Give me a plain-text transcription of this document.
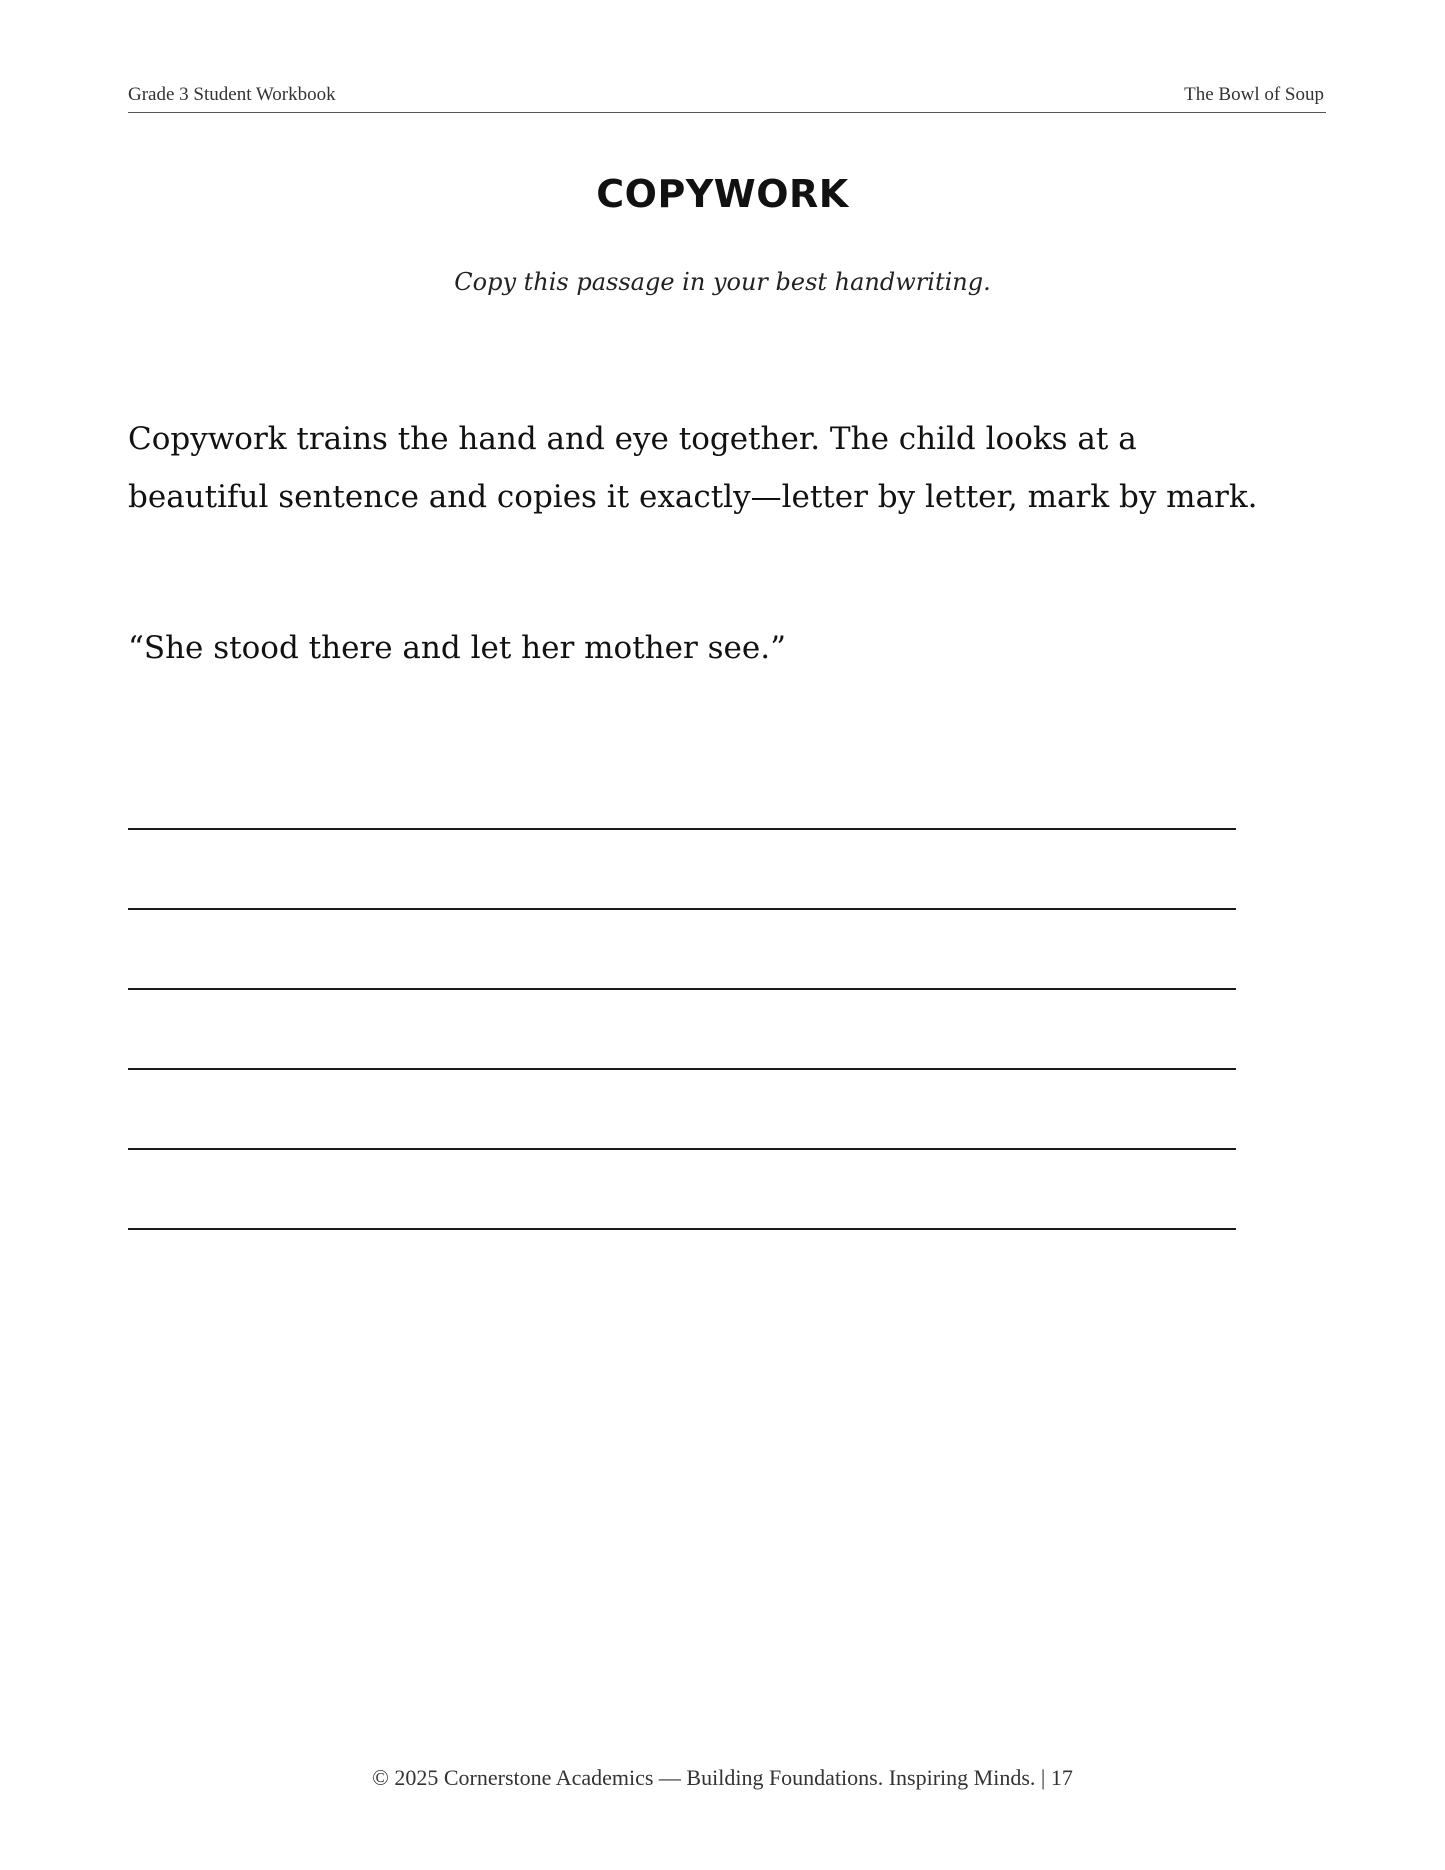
Grade 3 Student Workbook	The Bowl of Soup
COPYWORK
Copy this passage in your best handwriting.
Copywork trains the hand and eye together. The child looks at a beautiful sentence and copies it exactly—letter by letter, mark by mark.
“She stood there and let her mother see.”
© 2025 Cornerstone Academics — Building Foundations. Inspiring Minds. | 17
